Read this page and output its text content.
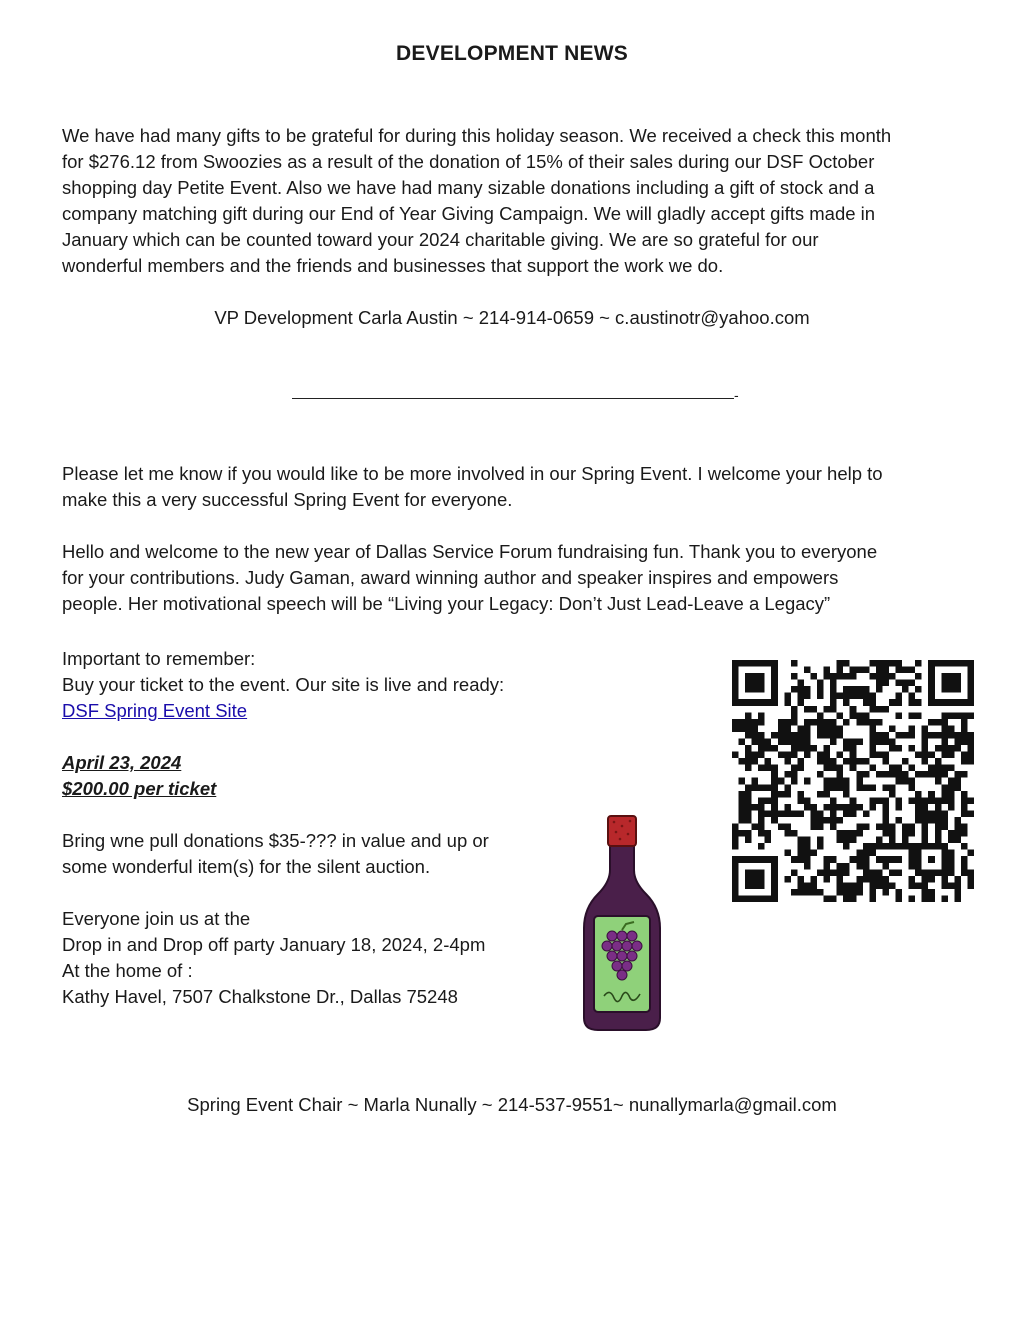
DEVELOPMENT NEWS
We have had many gifts to be grateful for during this holiday season. We received a check this month
for $276.12 from Swoozies as a result of the donation of 15% of their sales during our DSF October
shopping day Petite Event. Also we have had many sizable donations including a gift of stock and a
company matching gift during our End of Year Giving Campaign. We will gladly accept gifts made in
January which can be counted toward your 2024 charitable giving. We are so grateful for our
wonderful members and the friends and businesses that support the work we do.
VP Development Carla Austin ~ 214-914-0659 ~ c.austinotr@yahoo.com
-
Please let me know if you would like to be more involved in our Spring Event. I welcome your help to
make this a very successful Spring Event for everyone.
Hello and welcome to the new year of Dallas Service Forum fundraising fun. Thank you to everyone
for your contributions. Judy Gaman, award winning author and speaker inspires and empowers
people. Her motivational speech will be “Living your Legacy: Don’t Just Lead-Leave a Legacy”
Important to remember:
Buy your ticket to the event. Our site is live and ready:
DSF Spring Event Site
April 23, 2024
$200.00 per ticket
Bring wne pull donations $35-??? in value and up or
some wonderful item(s) for the silent auction.
Everyone join us at the
Drop in and Drop off party January 18, 2024, 2-4pm
At the home of :
Kathy Havel, 7507 Chalkstone Dr., Dallas 75248
Spring Event Chair ~ Marla Nunally ~ 214-537-9551~ nunallymarla@gmail.com
